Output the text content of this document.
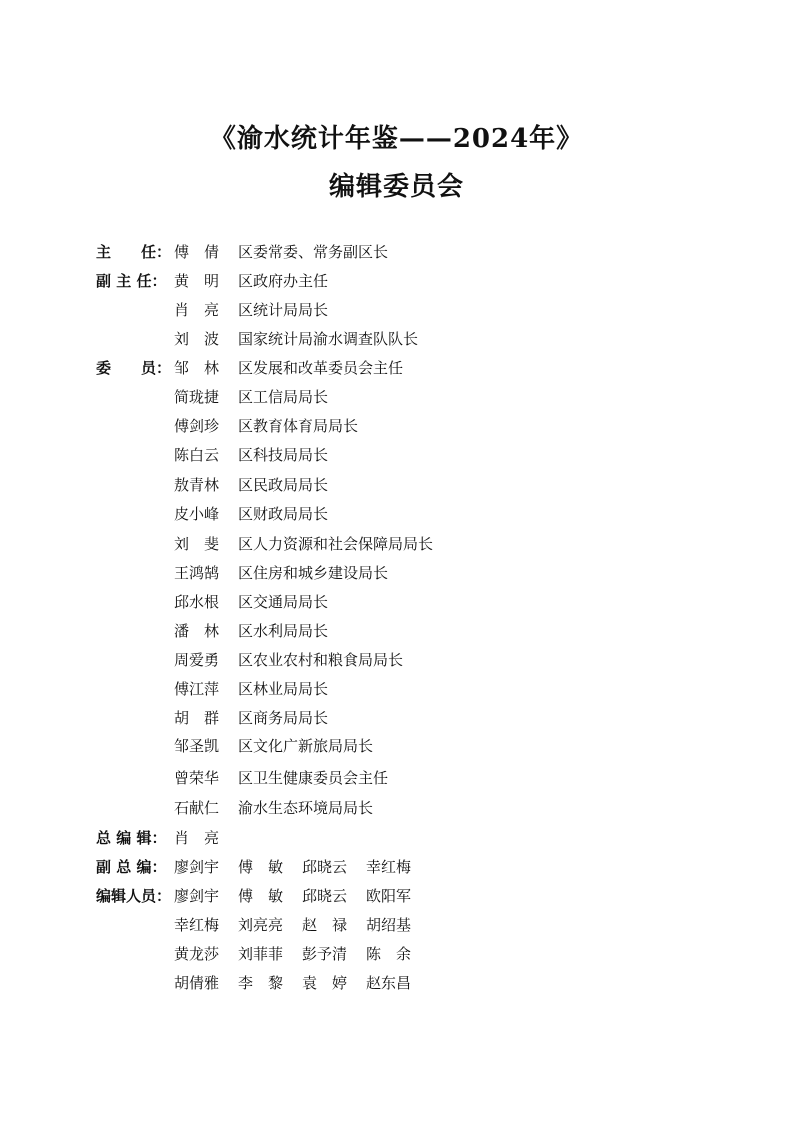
《渝水统计年鉴——2024年》
编辑委员会
主　　任： 傅　倩 区委常委、常务副区长
副 主 任： 黄　明 区政府办主任
肖　亮 区统计局局长
刘　波 国家统计局渝水调查队队长
委　　员： 邹　林 区发展和改革委员会主任
简珑捷 区工信局局长
傅剑珍 区教育体育局局长
陈白云 区科技局局长
敖青林 区民政局局长
皮小峰 区财政局局长
刘　斐 区人力资源和社会保障局局长
王鸿鹄 区住房和城乡建设局长
邱水根 区交通局局长
潘　林 区水利局局长
周爱勇 区农业农村和粮食局局长
傅江萍 区林业局局长
胡　群 区商务局局长
邹圣凯 区文化广新旅局局长
曾荣华 区卫生健康委员会主任
石献仁 渝水生态环境局局长
总 编 辑： 肖　亮
副 总 编： 廖剑宇 傅　敏 邱晓云 幸红梅
编辑人员： 廖剑宇 傅　敏 邱晓云 欧阳军
幸红梅 刘亮亮 赵　禄 胡绍基
黄龙莎 刘菲菲 彭予清 陈　余
胡倩雅 李　黎 袁　婷 赵东昌
